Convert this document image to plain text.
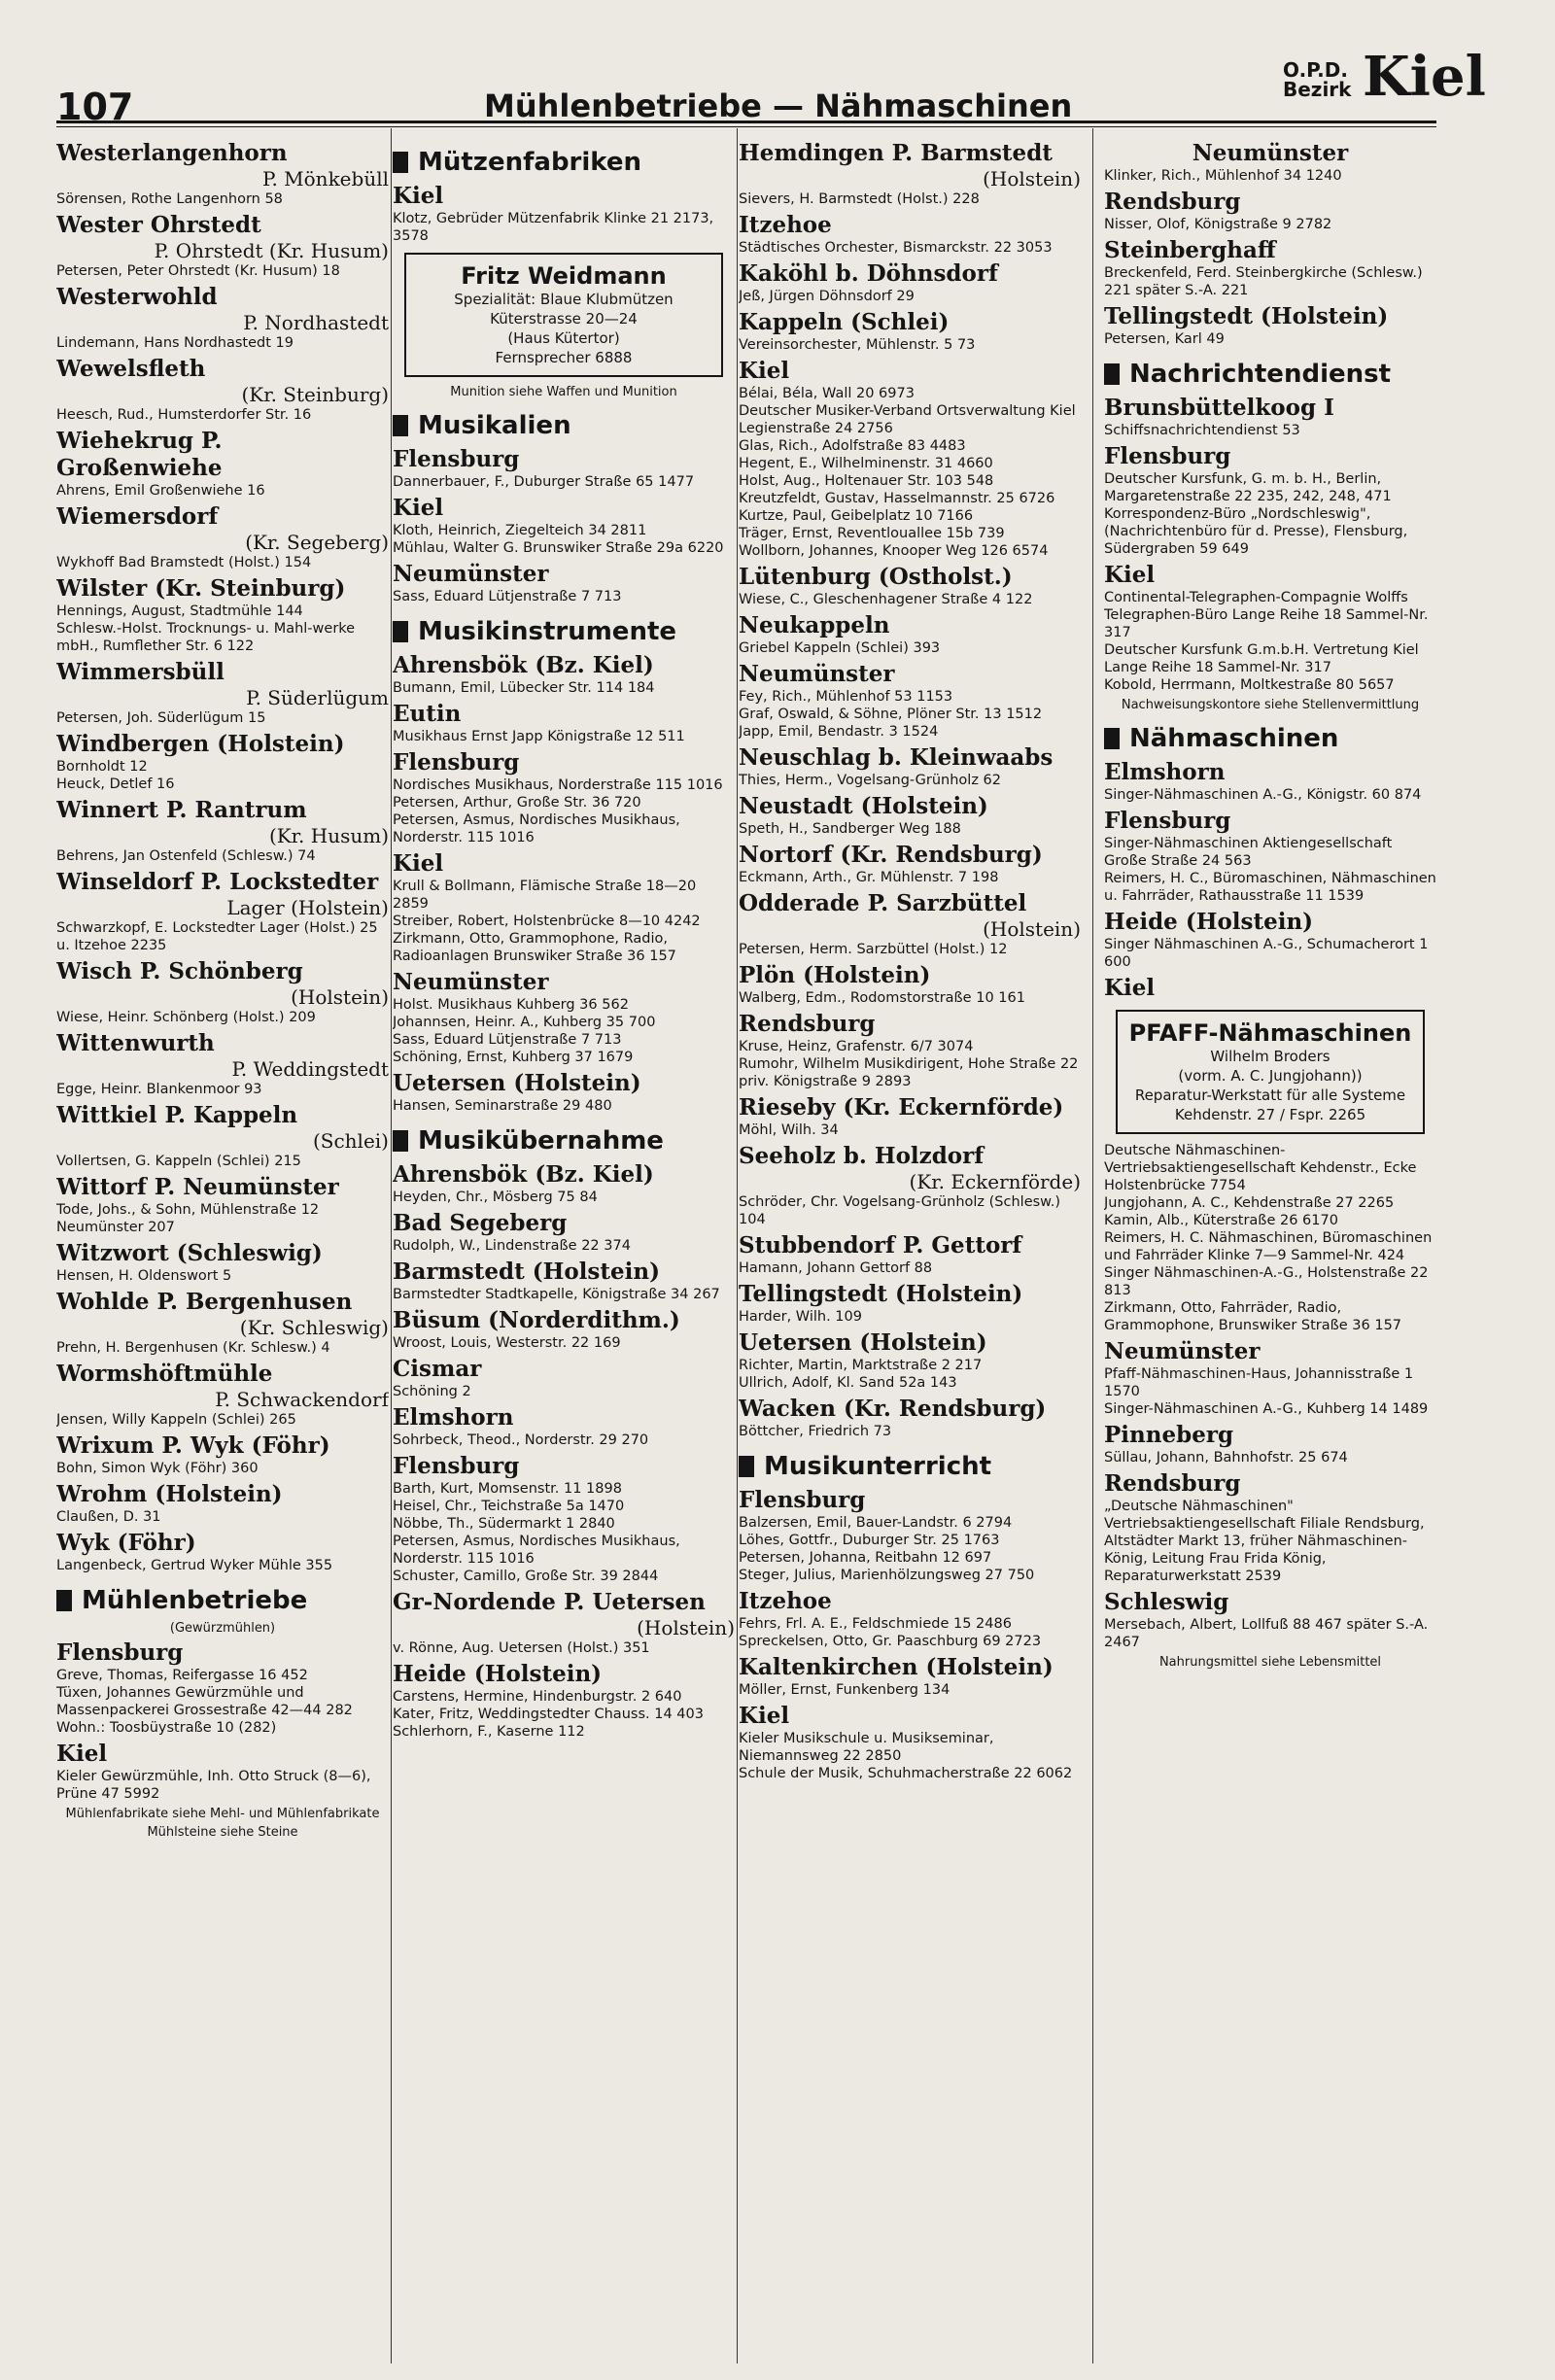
107	Mühlenbetriebe — Nähmaschinen
O.P.D.
Bezirk Kiel
Westerlangenhorn
P. Mönkebüll
Sörensen, Rothe Langenhorn 58
Wester Ohrstedt
P. Ohrstedt (Kr. Husum)
Petersen, Peter Ohrstedt (Kr. Husum) 18
Westerwohld
P. Nordhastedt
Lindemann, Hans Nordhastedt 19
Wewelsfleth
(Kr. Steinburg)
Heesch, Rud., Humsterdorfer Str. 16
Wiehekrug P. Großenwiehe
Ahrens, Emil Großenwiehe 16
Wiemersdorf
(Kr. Segeberg)
Wykhoff Bad Bramstedt (Holst.) 154
Wilster (Kr. Steinburg)
Hennings, August, Stadtmühle 144
Schlesw.-Holst. Trocknungs- u. Mahl-werke mbH., Rumflether Str. 6 122
Wimmersbüll
P. Süderlügum
Petersen, Joh. Süderlügum 15
Windbergen (Holstein)
Bornholdt 12
Heuck, Detlef 16
Winnert P. Rantrum
(Kr. Husum)
Behrens, Jan Ostenfeld (Schlesw.) 74
Winseldorf P. Lockstedter
Lager (Holstein)
Schwarzkopf, E. Lockstedter Lager (Holst.) 25 u. Itzehoe 2235
Wisch P. Schönberg
(Holstein)
Wiese, Heinr. Schönberg (Holst.) 209
Wittenwurth
P. Weddingstedt
Egge, Heinr. Blankenmoor 93
Wittkiel P. Kappeln
(Schlei)
Vollertsen, G. Kappeln (Schlei) 215
Wittorf P. Neumünster
Tode, Johs., & Sohn, Mühlenstraße 12 Neumünster 207
Witzwort (Schleswig)
Hensen, H. Oldenswort 5
Wohlde P. Bergenhusen
(Kr. Schleswig)
Prehn, H. Bergenhusen (Kr. Schlesw.) 4
Wormshöftmühle
P. Schwackendorf
Jensen, Willy Kappeln (Schlei) 265
Wrixum P. Wyk (Föhr)
Bohn, Simon Wyk (Föhr) 360
Wrohm (Holstein)
Claußen, D. 31
Wyk (Föhr)
Langenbeck, Gertrud Wyker Mühle 355
Mühlenbetriebe
(Gewürzmühlen)
Flensburg
Greve, Thomas, Reifergasse 16 452
Tüxen, Johannes Gewürzmühle und Massenpackerei Grossestraße 42—44 282 Wohn.: Toosbüystraße 10 (282)
Kiel
Kieler Gewürzmühle, Inh. Otto Struck (8—6), Prüne 47 5992
Mühlenfabrikate siehe Mehl- und Mühlenfabrikate
Mühlsteine siehe Steine
Mützenfabriken
Kiel
Klotz, Gebrüder Mützenfabrik Klinke 21 2173, 3578
Fritz Weidmann
Spezialität: Blaue Klubmützen
Küterstrasse 20—24
(Haus Kütertor)
Fernsprecher 6888
Munition siehe Waffen und Munition
Musikalien
Flensburg
Dannerbauer, F., Duburger Straße 65 1477
Kiel
Kloth, Heinrich, Ziegelteich 34 2811
Mühlau, Walter G. Brunswiker Straße 29a 6220
Neumünster
Sass, Eduard Lütjenstraße 7 713
Musikinstrumente
Ahrensbök (Bz. Kiel)
Bumann, Emil, Lübecker Str. 114 184
Eutin
Musikhaus Ernst Japp Königstraße 12 511
Flensburg
Nordisches Musikhaus, Norderstraße 115 1016
Petersen, Arthur, Große Str. 36 720
Petersen, Asmus, Nordisches Musikhaus, Norderstr. 115 1016
Kiel
Krull & Bollmann, Flämische Straße 18—20 2859
Streiber, Robert, Holstenbrücke 8—10 4242
Zirkmann, Otto, Grammophone, Radio, Radioanlagen Brunswiker Straße 36 157
Neumünster
Holst. Musikhaus Kuhberg 36 562
Johannsen, Heinr. A., Kuhberg 35 700
Sass, Eduard Lütjenstraße 7 713
Schöning, Ernst, Kuhberg 37 1679
Uetersen (Holstein)
Hansen, Seminarstraße 29 480
Musikübernahme
Ahrensbök (Bz. Kiel)
Heyden, Chr., Mösberg 75 84
Bad Segeberg
Rudolph, W., Lindenstraße 22 374
Barmstedt (Holstein)
Barmstedter Stadtkapelle, Königstraße 34 267
Büsum (Norderdithm.)
Wroost, Louis, Westerstr. 22 169
Cismar
Schöning 2
Elmshorn
Sohrbeck, Theod., Norderstr. 29 270
Flensburg
Barth, Kurt, Momsenstr. 11 1898
Heisel, Chr., Teichstraße 5a 1470
Nöbbe, Th., Südermarkt 1 2840
Petersen, Asmus, Nordisches Musikhaus, Norderstr. 115 1016
Schuster, Camillo, Große Str. 39 2844
Gr-Nordende P. Uetersen
(Holstein)
v. Rönne, Aug. Uetersen (Holst.) 351
Heide (Holstein)
Carstens, Hermine, Hindenburgstr. 2 640
Kater, Fritz, Weddingstedter Chauss. 14 403
Schlerhorn, F., Kaserne 112
Hemdingen P. Barmstedt
(Holstein)
Sievers, H. Barmstedt (Holst.) 228
Itzehoe
Städtisches Orchester, Bismarckstr. 22 3053
Kaköhl b. Döhnsdorf
Jeß, Jürgen Döhnsdorf 29
Kappeln (Schlei)
Vereinsorchester, Mühlenstr. 5 73
Kiel
Bélai, Béla, Wall 20 6973
Deutscher Musiker-Verband Ortsverwaltung Kiel Legienstraße 24 2756
Glas, Rich., Adolfstraße 83 4483
Hegent, E., Wilhelminenstr. 31 4660
Holst, Aug., Holtenauer Str. 103 548
Kreutzfeldt, Gustav, Hasselmannstr. 25 6726
Kurtze, Paul, Geibelplatz 10 7166
Träger, Ernst, Reventlouallee 15b 739
Wollborn, Johannes, Knooper Weg 126 6574
Lütenburg (Ostholst.)
Wiese, C., Gleschenhagener Straße 4 122
Neukappeln
Griebel Kappeln (Schlei) 393
Neumünster
Fey, Rich., Mühlenhof 53 1153
Graf, Oswald, & Söhne, Plöner Str. 13 1512
Japp, Emil, Bendastr. 3 1524
Neuschlag b. Kleinwaabs
Thies, Herm., Vogelsang-Grünholz 62
Neustadt (Holstein)
Speth, H., Sandberger Weg 188
Nortorf (Kr. Rendsburg)
Eckmann, Arth., Gr. Mühlenstr. 7 198
Odderade P. Sarzbüttel
(Holstein)
Petersen, Herm. Sarzbüttel (Holst.) 12
Plön (Holstein)
Walberg, Edm., Rodomstorstraße 10 161
Rendsburg
Kruse, Heinz, Grafenstr. 6/7 3074
Rumohr, Wilhelm Musikdirigent, Hohe Straße 22 priv. Königstraße 9 2893
Rieseby (Kr. Eckernförde)
Möhl, Wilh. 34
Seeholz b. Holzdorf
(Kr. Eckernförde)
Schröder, Chr. Vogelsang-Grünholz (Schlesw.) 104
Stubbendorf P. Gettorf
Hamann, Johann Gettorf 88
Tellingstedt (Holstein)
Harder, Wilh. 109
Uetersen (Holstein)
Richter, Martin, Marktstraße 2 217
Ullrich, Adolf, Kl. Sand 52a 143
Wacken (Kr. Rendsburg)
Böttcher, Friedrich 73
Musikunterricht
Flensburg
Balzersen, Emil, Bauer-Landstr. 6 2794
Löhes, Gottfr., Duburger Str. 25 1763
Petersen, Johanna, Reitbahn 12 697
Steger, Julius, Marienhölzungsweg 27 750
Itzehoe
Fehrs, Frl. A. E., Feldschmiede 15 2486
Spreckelsen, Otto, Gr. Paaschburg 69 2723
Kaltenkirchen (Holstein)
Möller, Ernst, Funkenberg 134
Kiel
Kieler Musikschule u. Musikseminar, Niemannsweg 22 2850
Schule der Musik, Schuhmacherstraße 22 6062
Neumünster
Klinker, Rich., Mühlenhof 34 1240
Rendsburg
Nisser, Olof, Königstraße 9 2782
Steinberghaff
Breckenfeld, Ferd. Steinbergkirche (Schlesw.) 221 später S.-A. 221
Tellingstedt (Holstein)
Petersen, Karl 49
Nachrichtendienst
Brunsbüttelkoog I
Schiffsnachrichtendienst 53
Flensburg
Deutscher Kursfunk, G. m. b. H., Berlin, Margaretenstraße 22 235, 242, 248, 471
Korrespondenz-Büro „Nordschleswig", (Nachrichtenbüro für d. Presse), Flensburg, Südergraben 59 649
Kiel
Continental-Telegraphen-Compagnie Wolffs Telegraphen-Büro Lange Reihe 18 Sammel-Nr. 317
Deutscher Kursfunk G.m.b.H. Vertretung Kiel Lange Reihe 18 Sammel-Nr. 317
Kobold, Herrmann, Moltkestraße 80 5657
Nachweisungskontore siehe Stellenvermittlung
Nähmaschinen
Elmshorn
Singer-Nähmaschinen A.-G., Königstr. 60 874
Flensburg
Singer-Nähmaschinen Aktiengesellschaft Große Straße 24 563
Reimers, H. C., Büromaschinen, Nähmaschinen u. Fahrräder, Rathausstraße 11 1539
Heide (Holstein)
Singer Nähmaschinen A.-G., Schumacherort 1 600
Kiel
PFAFF-Nähmaschinen
Wilhelm Broders
(vorm. A. C. Jungjohann))
Reparatur-Werkstatt für alle Systeme
Kehdenstr. 27 / Fspr. 2265
Deutsche Nähmaschinen-Vertriebsaktiengesellschaft Kehdenstr., Ecke Holstenbrücke 7754
Jungjohann, A. C., Kehdenstraße 27 2265
Kamin, Alb., Küterstraße 26 6170
Reimers, H. C. Nähmaschinen, Büromaschinen und Fahrräder Klinke 7—9 Sammel-Nr. 424
Singer Nähmaschinen-A.-G., Holstenstraße 22 813
Zirkmann, Otto, Fahrräder, Radio, Grammophone, Brunswiker Straße 36 157
Neumünster
Pfaff-Nähmaschinen-Haus, Johannisstraße 1 1570
Singer-Nähmaschinen A.-G., Kuhberg 14 1489
Pinneberg
Süllau, Johann, Bahnhofstr. 25 674
Rendsburg
„Deutsche Nähmaschinen" Vertriebsaktiengesellschaft Filiale Rendsburg, Altstädter Markt 13, früher Nähmaschinen-König, Leitung Frau Frida König, Reparaturwerkstatt 2539
Schleswig
Mersebach, Albert, Lollfuß 88 467 später S.-A. 2467
Nahrungsmittel siehe Lebensmittel
